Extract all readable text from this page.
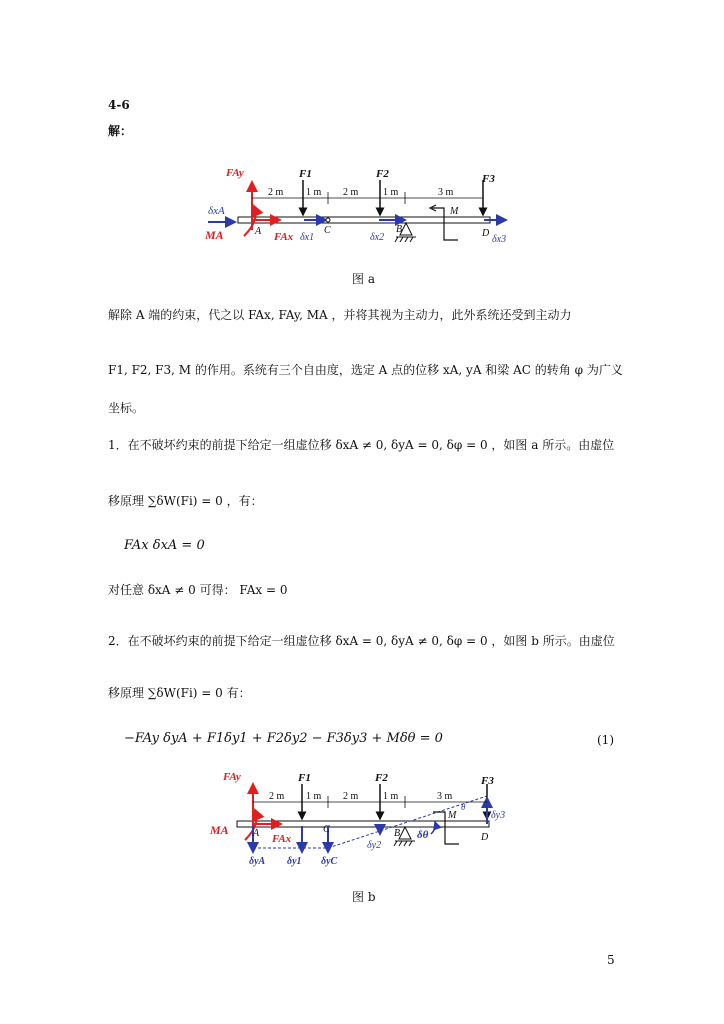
4-6
解：
FAy	F1	F2	F3
2 m 1 m 2 m 1 m	3 m
M
δxA
MA	A FAx δx1
C
δx2
B	D
δx3
图 a
解除 A 端的约束，代之以 FAx, FAy, MA ，并将其视为主动力，此外系统还受到主动力
F1, F2, F3, M 的作用。系统有三个自由度，选定 A 点的位移 xA, yA 和梁 AC 的转角 φ 为广义
坐标。
1．在不破坏约束的前提下给定一组虚位移 δxA ≠ 0, δyA = 0, δφ = 0 ，如图 a 所示。由虚位
移原理 ∑δW(Fi) = 0 ，有：
FAx δxA = 0
对任意 δxA ≠ 0 可得： FAx = 0
2．在不破坏约束的前提下给定一组虚位移 δxA = 0, δyA ≠ 0, δφ = 0 ，如图 b 所示。由虚位
移原理 ∑δW(Fi) = 0 有：
−FAy δyA + F1δy1 + F2δy2 − F3δy3 + Mδθ = 0	(1)
FAy	F1	F2	F3
2 m 1 m 2 m 1 m	3 m
M
θ
δy3
MA A FAx
C	B δθ	D
δy2
δyA δy1 δyC
图 b
5
